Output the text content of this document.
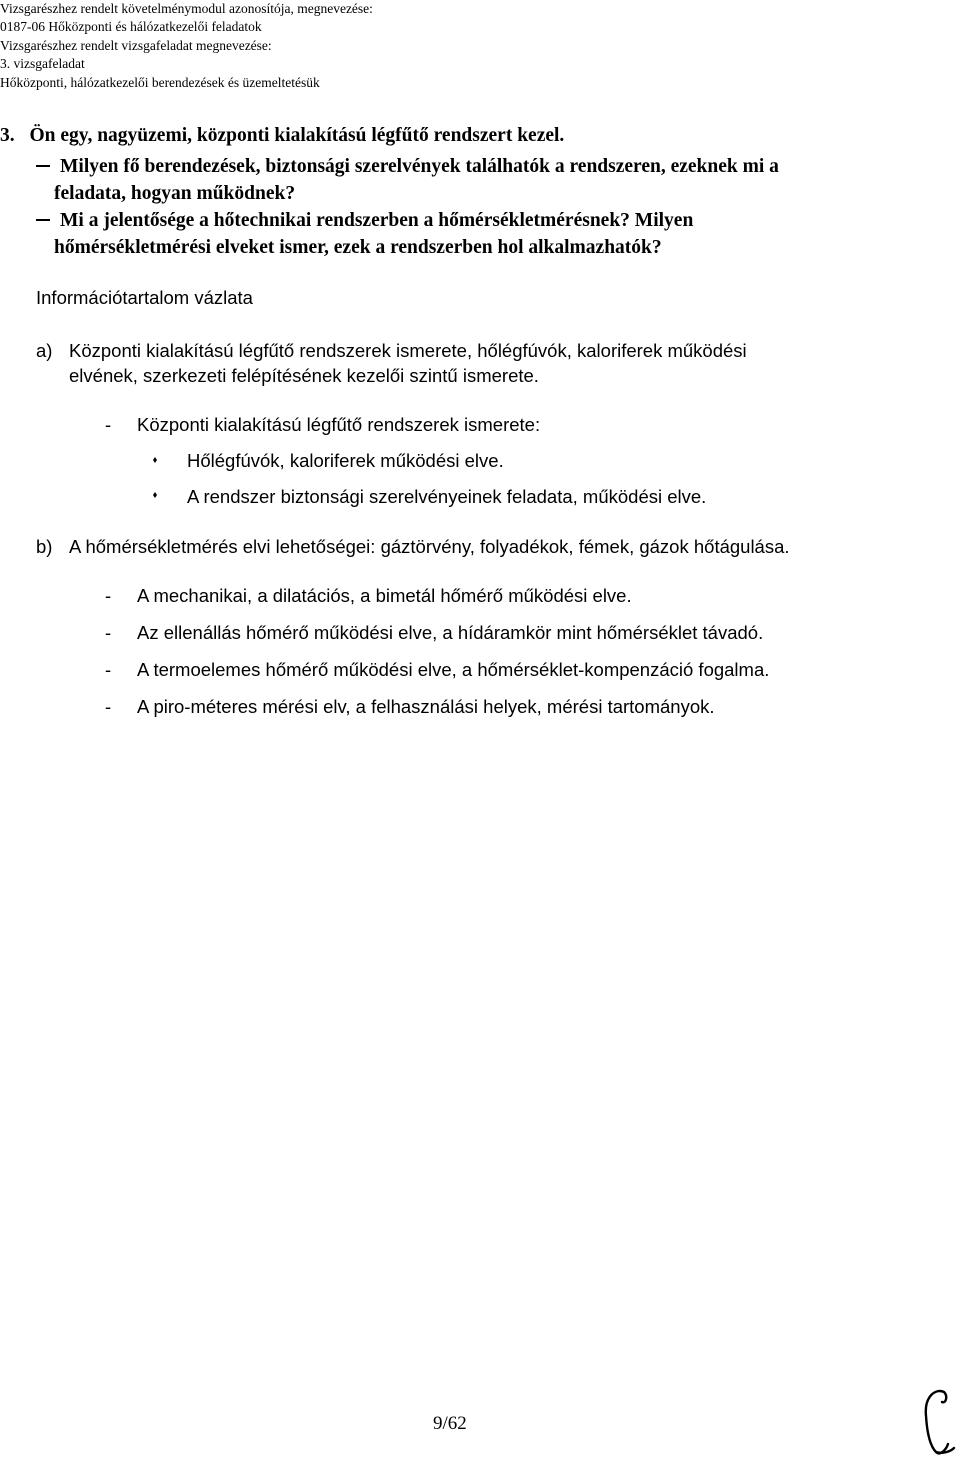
Vizsgarészhez rendelt követelménymodul azonosítója, megnevezése:
0187-06 Hőközponti és hálózatkezelői feladatok
Vizsgarészhez rendelt vizsgafeladat megnevezése:
3. vizsgafeladat
Hőközponti, hálózatkezelői berendezések és üzemeltetésük
3. Ön egy, nagyüzemi, központi kialakítású légfűtő rendszert kezel.
Milyen fő berendezések, biztonsági szerelvények találhatók a rendszeren, ezeknek mi a
feladata, hogyan működnek?
Mi a jelentősége a hőtechnikai rendszerben a hőmérsékletmérésnek? Milyen
hőmérsékletmérési elveket ismer, ezek a rendszerben hol alkalmazhatók?
Információtartalom vázlata
a) Központi kialakítású légfűtő rendszerek ismerete, hőlégfúvók, kaloriferek működési
elvének, szerkezeti felépítésének kezelői szintű ismerete.
- Központi kialakítású légfűtő rendszerek ismerete:
Hőlégfúvók, kaloriferek működési elve.
A rendszer biztonsági szerelvényeinek feladata, működési elve.
b) A hőmérsékletmérés elvi lehetőségei: gáztörvény, folyadékok, fémek, gázok hőtágulása.
- A mechanikai, a dilatációs, a bimetál hőmérő működési elve.
- Az ellenállás hőmérő működési elve, a hídáramkör mint hőmérséklet távadó.
- A termoelemes hőmérő működési elve, a hőmérséklet-kompenzáció fogalma.
- A piro-méteres mérési elv, a felhasználási helyek, mérési tartományok.
9/62
